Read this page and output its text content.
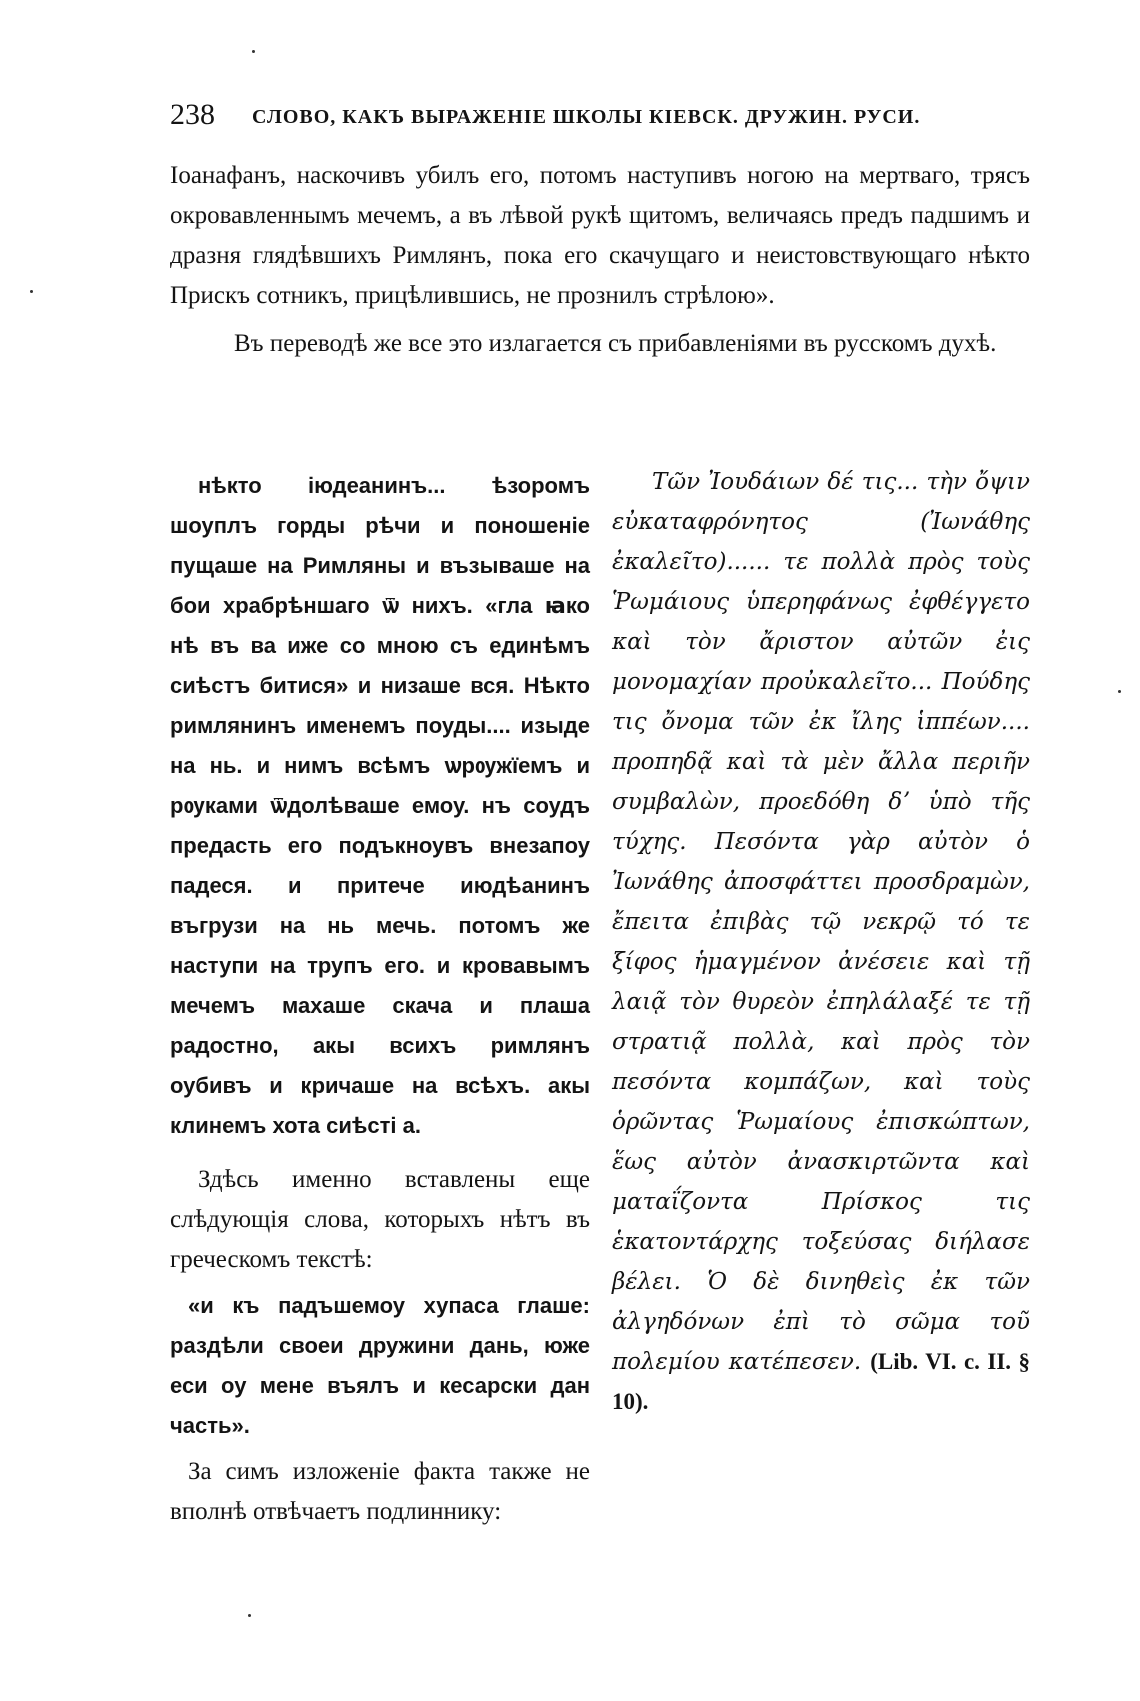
238 СЛОВО, КАКЪ ВЫРАЖЕНІЕ ШКОЛЫ КІЕВСК. ДРУЖИН. РУСИ.

Іоанафанъ, наскочивъ убилъ его, потомъ наступивъ ногою на мертваго, трясъ окровавленнымъ мечемъ, а въ лѣвой рукѣ щитомъ, величаясь предъ падшимъ и дразня глядѣвшихъ Римлянъ, пока его скачущаго и неистовствующаго нѣкто Прискъ сотникъ, прицѣлившись, не прознилъ стрѣлою».

Въ переводѣ же все это излагается съ прибавленіями въ русскомъ духѣ.

нѣкто іюдеанинъ... ѣзоромъ шоуплъ горды рѣчи и поношеніе пущаше на Римляны и възываше на бои храбрѣншаго ѿ нихъ. «гла ꙗко нѣ въ ва иже со мною съ единѣмъ сиѣстъ битися» и низаше вся. Нѣкто римлянинъ именемъ поуды.... изыде на нь. и нимъ всѣмъ ѡрѹжїемъ и рѹками ѿдолѣваше емоу. нъ соудъ предасть его подъкноувъ внезапоу падеся. и притече июдѣанинъ въгрузи на нь мечь. потомъ же наступи на трупъ его. и кровавымъ мечемъ махаше скача и плаша радостно, акы всихъ римлянъ оубивъ и кричаше на всѣхъ. акы клинемъ хота сиѣсті а.

Здѣсь именно вставлены еще слѣдующія слова, которыхъ нѣтъ въ греческомъ текстѣ:

«и къ падъшемоу хупаса глаше: раздѣли своеи дружини дань, юже еси оу мене въялъ и кесарски дан часть».

За симъ изложеніе факта также не вполнѣ отвѣчаетъ подлиннику:

Τῶν Ἰουδάιων δέ τις... τὴν ὄψιν εὐκαταφρόνητος (Ἰωνάθης ἐκαλεῖτο)...... τε πολλὰ πρὸς τοὺς Ῥωμάιους ὑπερηφάνως ἐφθέγγετο καὶ τὸν ἄριστον αὐτῶν ἐις μονομαχίαν προὐκαλεῖτο... Πούδης τις ὄνομα τῶν ἐκ ἴλης ἱππέων.... προπηδᾷ καὶ τὰ μὲν ἄλλα περιῆν συμβαλὼν, προεδόθη δʼ ὑπὸ τῆς τύχης. Πεσόντα γὰρ αὐτὸν ὁ Ἰωνάθης ἀποσφάττει προσδραμὼν, ἔπειτα ἐπιβὰς τῷ νεκρῷ τό τε ξίφος ἡμαγμένον ἀνέσειε καὶ τῇ λαιᾷ τὸν θυρεὸν ἐπηλάλαξέ τε τῇ στρατιᾷ πολλὰ, καὶ πρὸς τὸν πεσόντα κομπάζων, καὶ τοὺς ὁρῶντας Ῥωμαίους ἐπισκώπτων, ἕως αὐτὸν ἀνασκιρτῶντα καὶ ματαΐζοντα Πρίσκος τις ἑκατοντάρχης τοξεύσας διήλασε βέλει. Ὁ δὲ δινηθεὶς ἐκ τῶν ἀλγηδόνων ἐπὶ τὸ σῶμα τοῦ πολεμίου κατέπεσεν. (Lib. VI. c. II. § 10).
